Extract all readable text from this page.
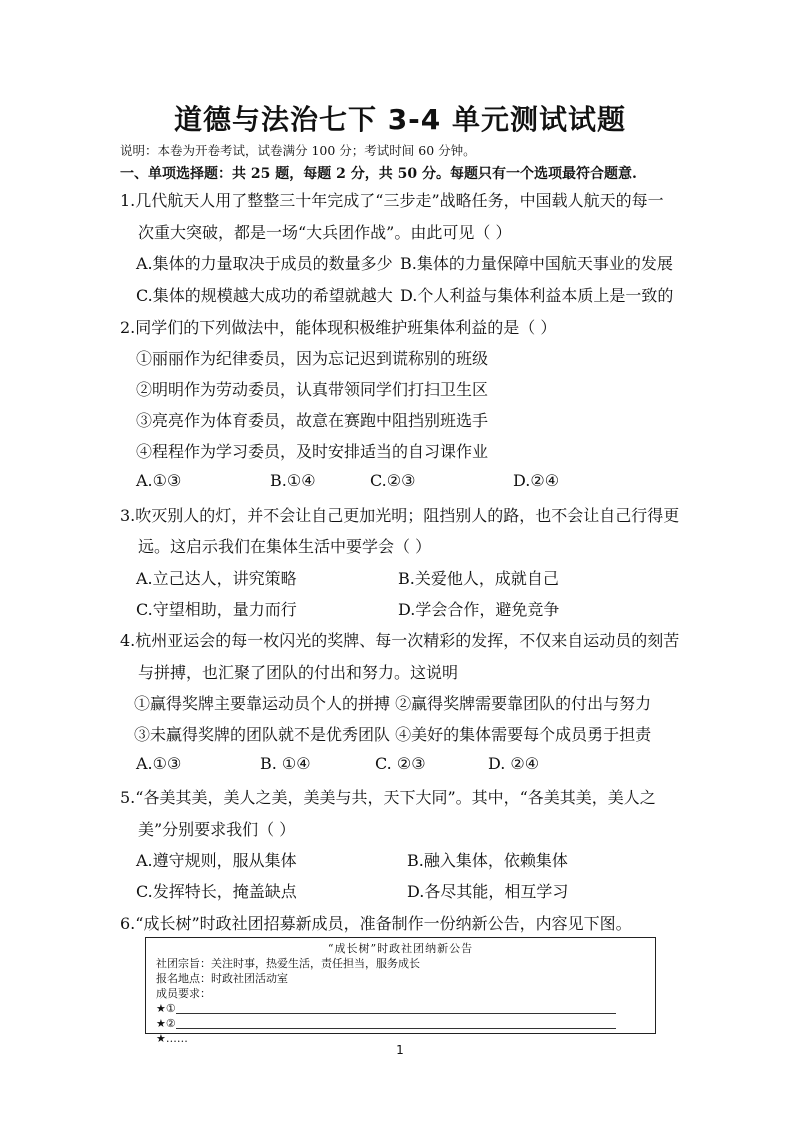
道德与法治七下 3-4 单元测试试题
说明：本卷为开卷考试，试卷满分 100 分；考试时间 60 分钟。
一、单项选择题：共 25 题，每题 2 分，共 50 分。每题只有一个选项最符合题意.
1.几代航天人用了整整三十年完成了“三步走”战略任务，中国载人航天的每一
次重大突破，都是一场“大兵团作战”。由此可见（ ）
A.集体的力量取决于成员的数量多少 B.集体的力量保障中国航天事业的发展
C.集体的规模越大成功的希望就越大 D.个人利益与集体利益本质上是一致的
2.同学们的下列做法中，能体现积极维护班集体利益的是（ ）
①丽丽作为纪律委员，因为忘记迟到谎称别的班级
②明明作为劳动委员，认真带领同学们打扫卫生区
③亮亮作为体育委员，故意在赛跑中阻挡别班选手
④程程作为学习委员，及时安排适当的自习课作业
A.①③	B.①④	C.②③	D.②④
3.吹灭别人的灯，并不会让自己更加光明；阻挡别人的路，也不会让自己行得更
远。这启示我们在集体生活中要学会（ ）
A.立己达人，讲究策略	B.关爱他人，成就自己
C.守望相助，量力而行	D.学会合作，避免竞争
4.杭州亚运会的每一枚闪光的奖牌、每一次精彩的发挥，不仅来自运动员的刻苦
与拼搏，也汇聚了团队的付出和努力。这说明
①赢得奖牌主要靠运动员个人的拼搏 ②赢得奖牌需要靠团队的付出与努力
③未赢得奖牌的团队就不是优秀团队 ④美好的集体需要每个成员勇于担责
A.①③	B. ①④	C. ②③	D. ②④
5.“各美其美，美人之美，美美与共，天下大同”。其中，“各美其美，美人之
美”分别要求我们（ ）
A.遵守规则，服从集体	B.融入集体，依赖集体
C.发挥特长，掩盖缺点	D.各尽其能，相互学习
6.“成长树”时政社团招募新成员，准备制作一份纳新公告，内容见下图。
“成长树”时政社团纳新公告
社团宗旨：关注时事，热爱生活，责任担当，服务成长
报名地点：时政社团活动室
成员要求：
★①
★②
★……
1
